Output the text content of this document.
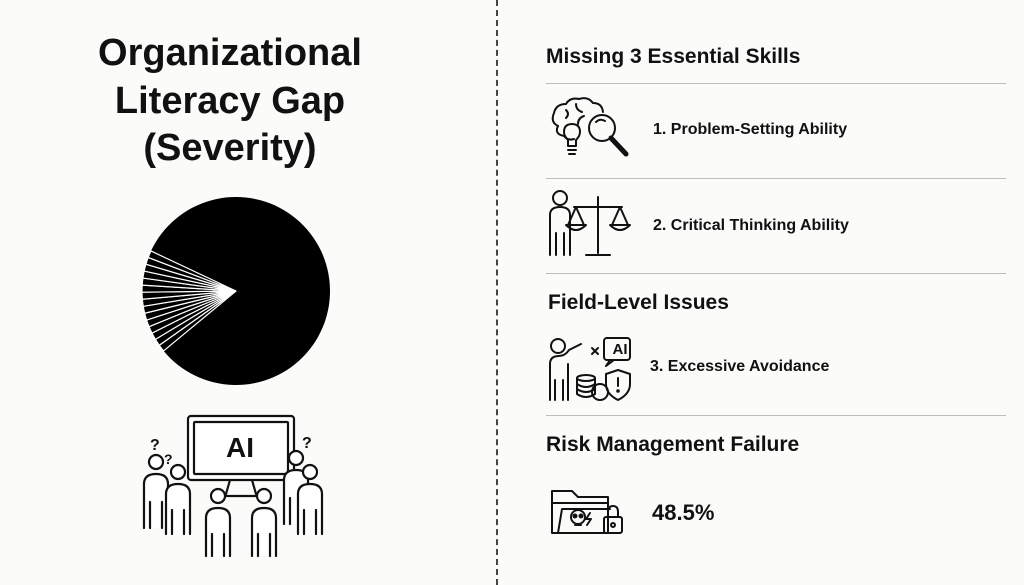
Organizational
Literacy Gap
(Severity)
?
?
?
AI
Missing 3 Essential Skills
1. Problem-Setting Ability
2. Critical Thinking Ability
Field-Level Issues
AI
3. Excessive Avoidance
Risk Management Failure
48.5%
